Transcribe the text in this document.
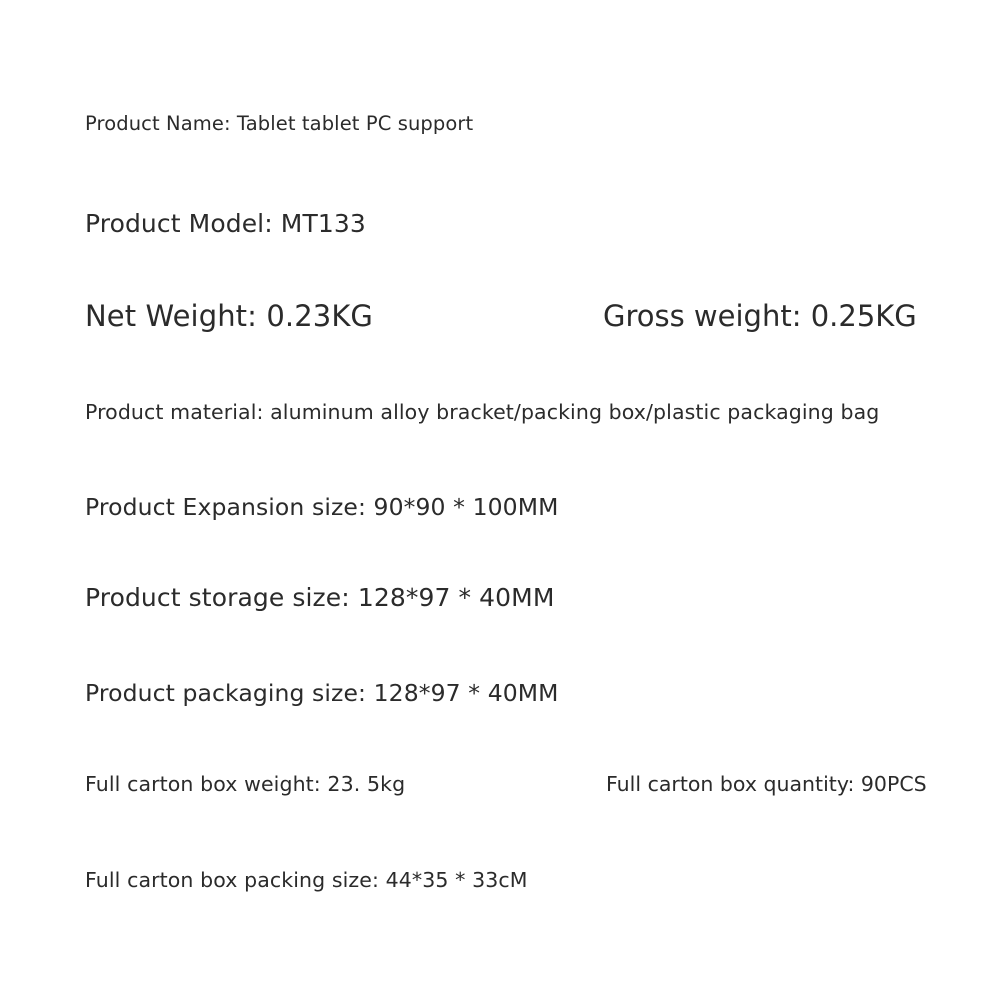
Product Name: Tablet tablet PC support
Product Model: MT133
Net Weight: 0.23KG	Gross weight: 0.25KG
Product material: aluminum alloy bracket/packing box/plastic packaging bag
Product Expansion size: 90*90 * 100MM
Product storage size: 128*97 * 40MM
Product packaging size: 128*97 * 40MM
Full carton box weight: 23. 5kg	Full carton box quantity: 90PCS
Full carton box packing size: 44*35 * 33cM
